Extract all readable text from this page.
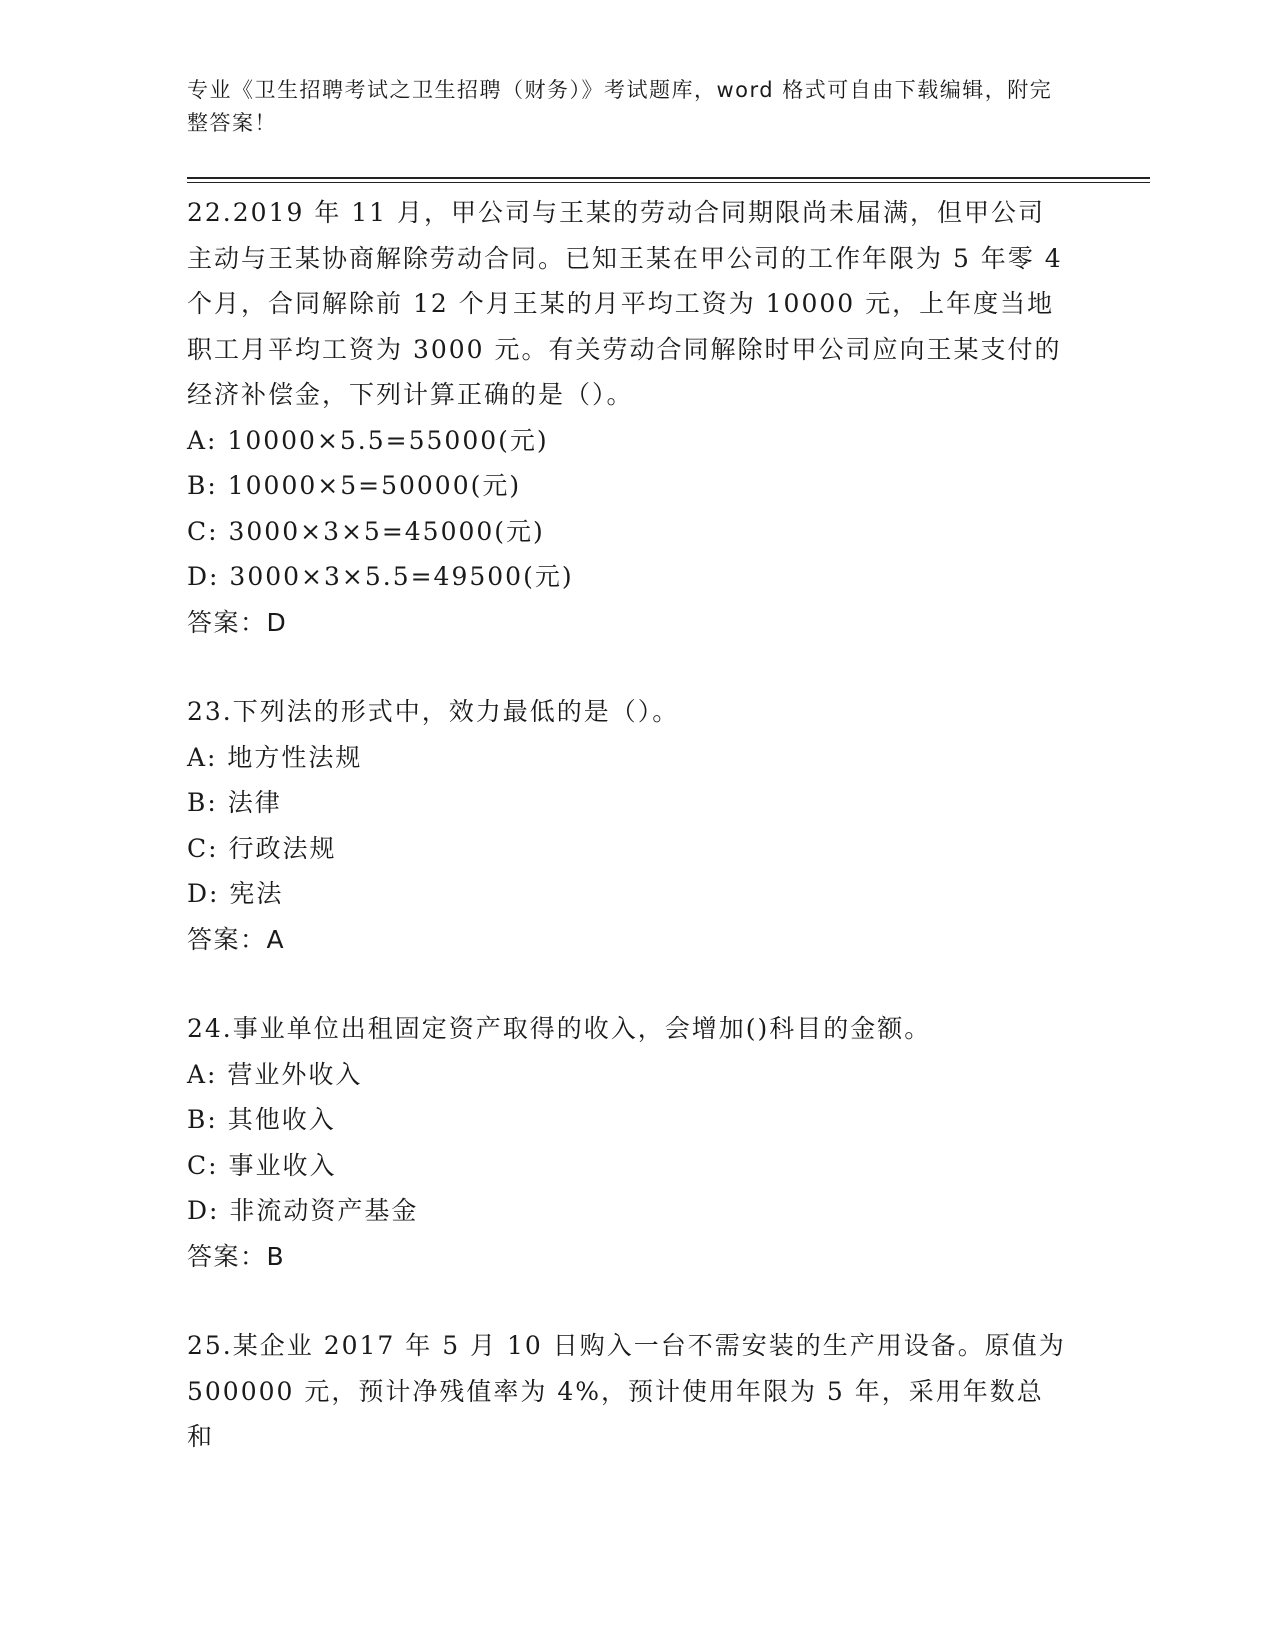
专业《卫生招聘考试之卫生招聘（财务）》考试题库，word 格式可自由下载编辑，附完整答案！

22.2019 年 11 月，甲公司与王某的劳动合同期限尚未届满，但甲公司主动与王某协商解除劳动合同。已知王某在甲公司的工作年限为 5 年零 4 个月，合同解除前 12 个月王某的月平均工资为 10000 元，上年度当地职工月平均工资为 3000 元。有关劳动合同解除时甲公司应向王某支付的经济补偿金，下列计算正确的是（）。

A: 10000×5.5=55000(元)

B: 10000×5=50000(元)

C: 3000×3×5=45000(元)

D: 3000×3×5.5=49500(元)

答案：D

23.下列法的形式中，效力最低的是（）。

A: 地方性法规

B: 法律

C: 行政法规

D: 宪法

答案：A

24.事业单位出租固定资产取得的收入，会增加()科目的金额。

A: 营业外收入

B: 其他收入

C: 事业收入

D: 非流动资产基金

答案：B

25.某企业 2017 年 5 月 10 日购入一台不需安装的生产用设备。原值为500000 元，预计净残值率为 4%，预计使用年限为 5 年，采用年数总和
